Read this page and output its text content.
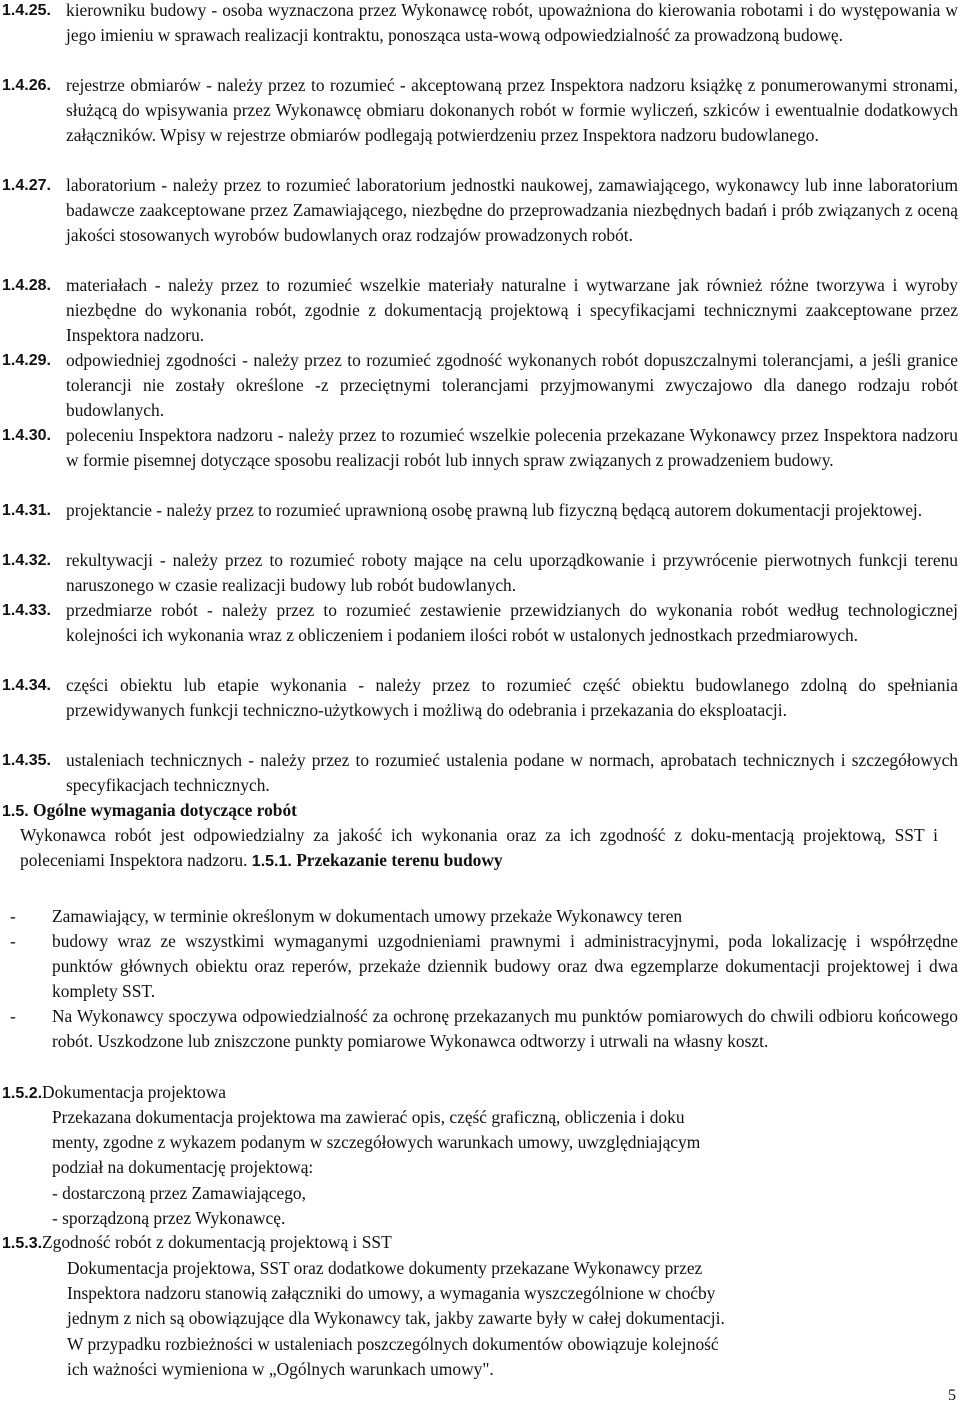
1.4.25. kierowniku budowy - osoba wyznaczona przez Wykonawcę robót, upoważniona do kierowania robotami i do występowania w jego imieniu w sprawach realizacji kontraktu, ponosząca usta-wową odpowiedzialność za prowadzoną budowę.
1.4.26. rejestrze obmiarów - należy przez to rozumieć - akceptowaną przez Inspektora nadzoru książkę z ponumerowanymi stronami, służącą do wpisywania przez Wykonawcę obmiaru dokonanych robót w formie wyliczeń, szkiców i ewentualnie dodatkowych załączników. Wpisy w rejestrze obmiarów podlegają potwierdzeniu przez Inspektora nadzoru budowlanego.
1.4.27. laboratorium - należy przez to rozumieć laboratorium jednostki naukowej, zamawiającego, wykonawcy lub inne laboratorium badawcze zaakceptowane przez Zamawiającego, niezbędne do przeprowadzania niezbędnych badań i prób związanych z oceną jakości stosowanych wyrobów budowlanych oraz rodzajów prowadzonych robót.
1.4.28. materiałach - należy przez to rozumieć wszelkie materiały naturalne i wytwarzane jak również różne tworzywa i wyroby niezbędne do wykonania robót, zgodnie z dokumentacją projektową i specyfikacjami technicznymi zaakceptowane przez Inspektora nadzoru.
1.4.29. odpowiedniej zgodności - należy przez to rozumieć zgodność wykonanych robót dopuszczalnymi tolerancjami, a jeśli granice tolerancji nie zostały określone -z przeciętnymi tolerancjami przyjmowanymi zwyczajowo dla danego rodzaju robót budowlanych.
1.4.30. poleceniu Inspektora nadzoru - należy przez to rozumieć wszelkie polecenia przekazane Wykonawcy przez Inspektora nadzoru w formie pisemnej dotyczące sposobu realizacji robót lub innych spraw związanych z prowadzeniem budowy.
1.4.31. projektancie - należy przez to rozumieć uprawnioną osobę prawną lub fizyczną będącą autorem dokumentacji projektowej.
1.4.32. rekultywacji - należy przez to rozumieć roboty mające na celu uporządkowanie i przywrócenie pierwotnych funkcji terenu naruszonego w czasie realizacji budowy lub robót budowlanych.
1.4.33. przedmiarze robót - należy przez to rozumieć zestawienie przewidzianych do wykonania robót według technologicznej kolejności ich wykonania wraz z obliczeniem i podaniem ilości robót w ustalonych jednostkach przedmiarowych.
1.4.34. części obiektu lub etapie wykonania - należy przez to rozumieć część obiektu budowlanego zdolną do spełniania przewidywanych funkcji techniczno-użytkowych i możliwą do odebrania i przekazania do eksploatacji.
1.4.35. ustaleniach technicznych - należy przez to rozumieć ustalenia podane w normach, aprobatach technicznych i szczegółowych specyfikacjach technicznych.
1.5. Ogólne wymagania dotyczące robót
Wykonawca robót jest odpowiedzialny za jakość ich wykonania oraz za ich zgodność z doku-mentacją projektową, SST i poleceniami Inspektora nadzoru. 1.5.1. Przekazanie terenu budowy
- Zamawiający, w terminie określonym w dokumentach umowy przekaże Wykonawcy teren
- budowy wraz ze wszystkimi wymaganymi uzgodnieniami prawnymi i administracyjnymi, poda lokalizację i współrzędne punktów głównych obiektu oraz reperów, przekaże dziennik budowy oraz dwa egzemplarze dokumentacji projektowej i dwa komplety SST.
- Na Wykonawcy spoczywa odpowiedzialność za ochronę przekazanych mu punktów pomiarowych do chwili odbioru końcowego robót. Uszkodzone lub zniszczone punkty pomiarowe Wykonawca odtworzy i utrwali na własny koszt.
1.5.2.Dokumentacja projektowa
Przekazana dokumentacja projektowa ma zawierać opis, część graficzną, obliczenia i doku
menty, zgodne z wykazem podanym w szczegółowych warunkach umowy, uwzględniającym
podział na dokumentację projektową:
- dostarczoną przez Zamawiającego,
- sporządzoną przez Wykonawcę.
1.5.3.Zgodność robót z dokumentacją projektową i SST
Dokumentacja projektowa, SST oraz dodatkowe dokumenty przekazane Wykonawcy przez
Inspektora nadzoru stanowią załączniki do umowy, a wymagania wyszczególnione w choćby
jednym z nich są obowiązujące dla Wykonawcy tak, jakby zawarte były w całej dokumentacji.
W przypadku rozbieżności w ustaleniach poszczególnych dokumentów obowiązuje kolejność
ich ważności wymieniona w „Ogólnych warunkach umowy".
5
